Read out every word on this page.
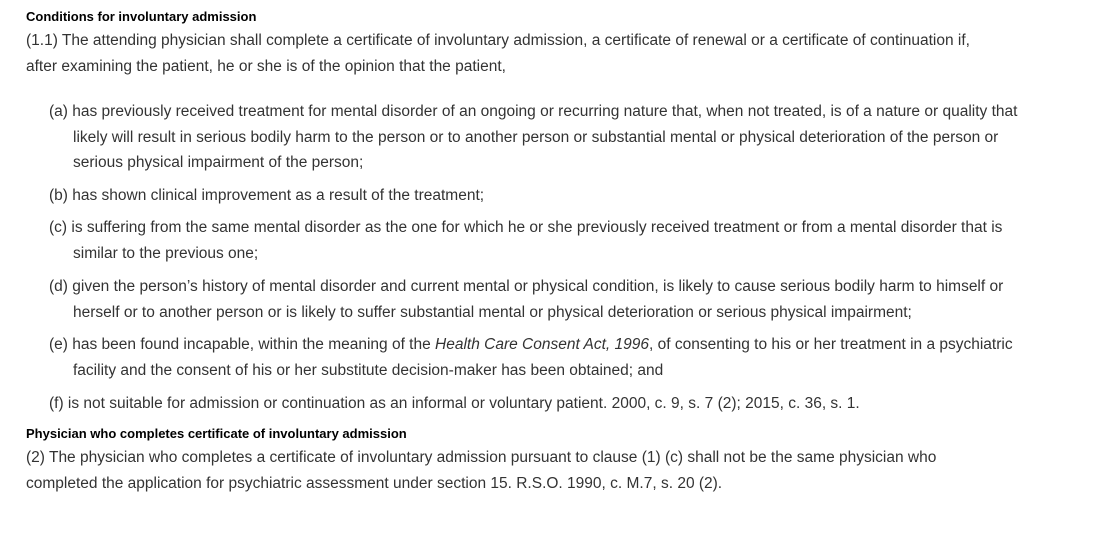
Conditions for involuntary admission

(1.1) The attending physician shall complete a certificate of involuntary admission, a certificate of renewal or a certificate of continuation if, after examining the patient, he or she is of the opinion that the patient,

(a) has previously received treatment for mental disorder of an ongoing or recurring nature that, when not treated, is of a nature or quality that likely will result in serious bodily harm to the person or to another person or substantial mental or physical deterioration of the person or serious physical impairment of the person;
(b) has shown clinical improvement as a result of the treatment;
(c) is suffering from the same mental disorder as the one for which he or she previously received treatment or from a mental disorder that is similar to the previous one;
(d) given the person’s history of mental disorder and current mental or physical condition, is likely to cause serious bodily harm to himself or herself or to another person or is likely to suffer substantial mental or physical deterioration or serious physical impairment;
(e) has been found incapable, within the meaning of the Health Care Consent Act, 1996, of consenting to his or her treatment in a psychiatric facility and the consent of his or her substitute decision-maker has been obtained; and
(f) is not suitable for admission or continuation as an informal or voluntary patient. 2000, c. 9, s. 7 (2); 2015, c. 36, s. 1.
Physician who completes certificate of involuntary admission

(2) The physician who completes a certificate of involuntary admission pursuant to clause (1) (c) shall not be the same physician who completed the application for psychiatric assessment under section 15. R.S.O. 1990, c. M.7, s. 20 (2).
